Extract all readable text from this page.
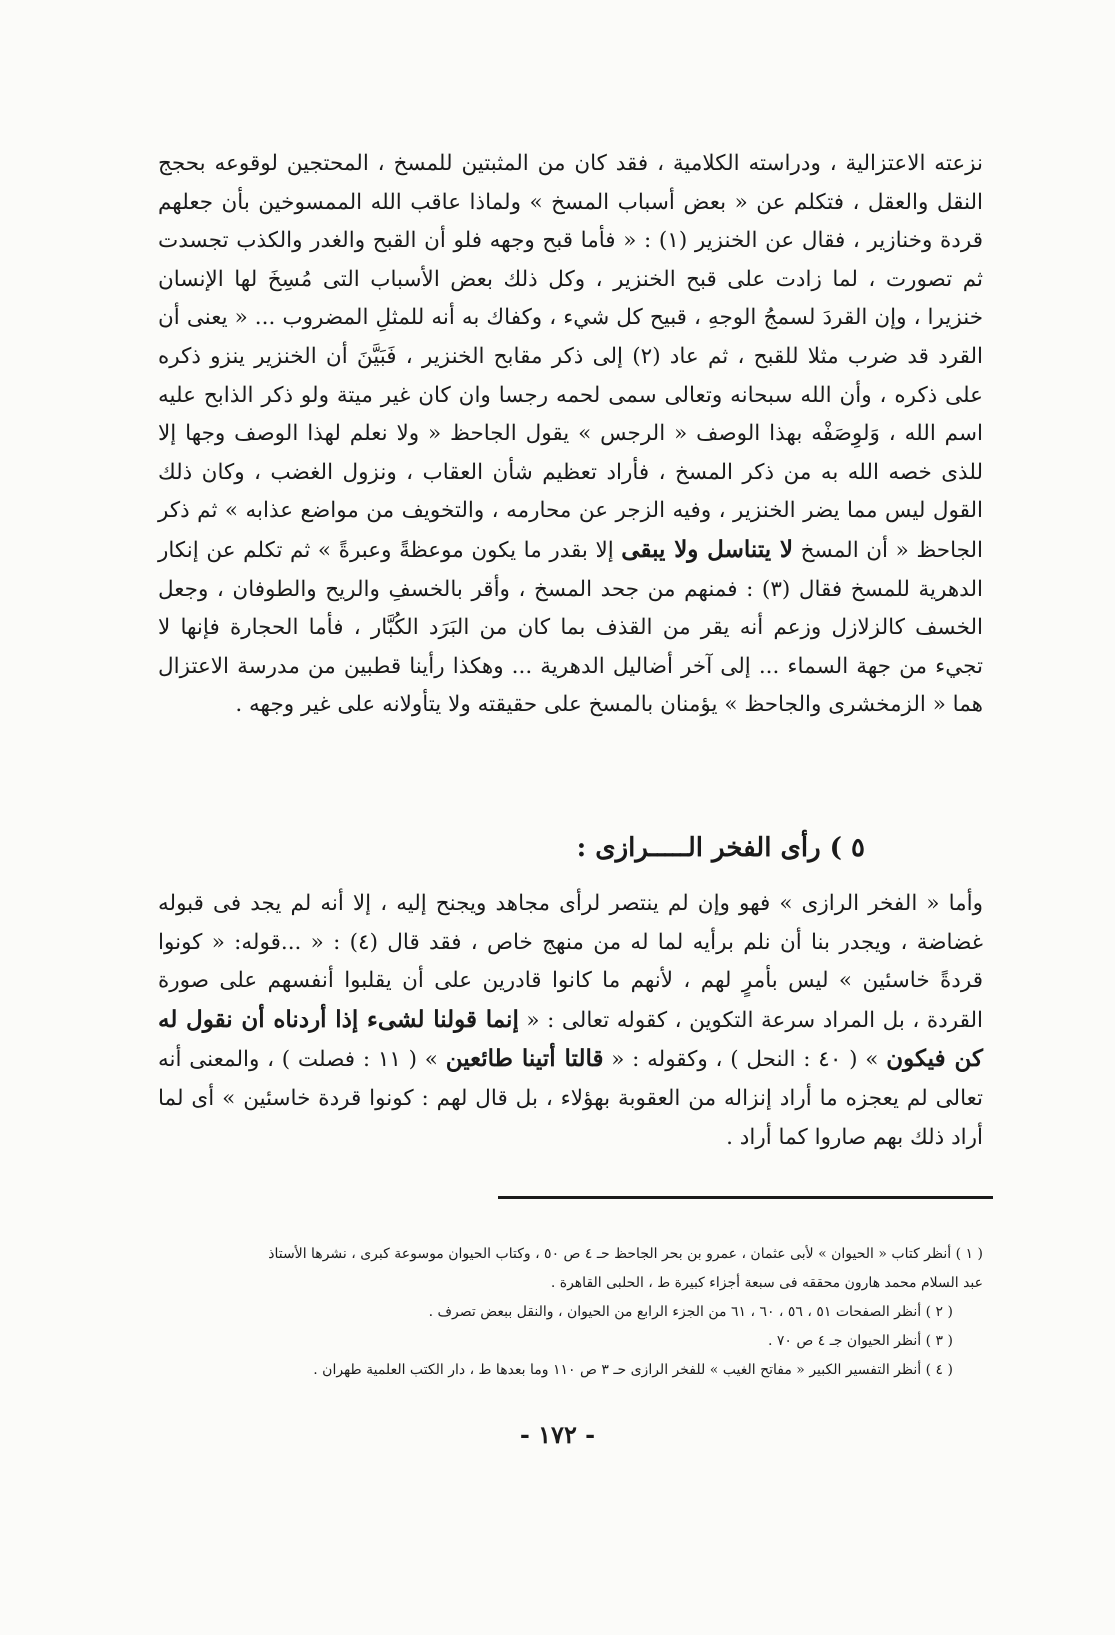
نزعته الاعتزالية ، ودراسته الكلامية ، فقد كان من المثبتين للمسخ ، المحتجين لوقوعه بحجج النقل والعقل ، فتكلم عن « بعض أسباب المسخ » ولماذا عاقب الله الممسوخين بأن جعلهم قردة وخنازير ، فقال عن الخنزير (١) : « فأما قبح وجهه فلو أن القبح والغدر والكذب تجسدت ثم تصورت ، لما زادت على قبح الخنزير ، وكل ذلك بعض الأسباب التى مُسِخَ لها الإنسان خنزيرا ، وإن القردَ لسمجُ الوجهِ ، قبيح كل شيء ، وكفاك به أنه للمثلِ المضروب ... « يعنى أن القرد قد ضرب مثلا للقبح ، ثم عاد (٢) إلى ذكر مقابح الخنزير ، فَبَيَّنَ أن الخنزير ينزو ذكره على ذكره ، وأن الله سبحانه وتعالى سمى لحمه رجسا وان كان غير ميتة ولو ذكر الذابح عليه اسم الله ، وَلوِصَفْه بهذا الوصف « الرجس » يقول الجاحظ « ولا نعلم لهذا الوصف وجها إلا للذى خصه الله به من ذكر المسخ ، فأراد تعظيم شأن العقاب ، ونزول الغضب ، وكان ذلك القول ليس مما يضر الخنزير ، وفيه الزجر عن محارمه ، والتخويف من مواضع عذابه » ثم ذكر الجاحظ « أن المسخ لا يتناسل ولا يبقى إلا بقدر ما يكون موعظةً وعبرةً » ثم تكلم عن إنكار الدهرية للمسخ فقال (٣) : فمنهم من جحد المسخ ، وأقر بالخسفِ والريح والطوفان ، وجعل الخسف كالزلازل وزعم أنه يقر من القذف بما كان من البَرَد الكُبَّار ، فأما الحجارة فإنها لا تجيء من جهة السماء ... إلى آخر أضاليل الدهرية ... وهكذا رأينا قطبين من مدرسة الاعتزال هما « الزمخشرى والجاحظ » يؤمنان بالمسخ على حقيقته ولا يتأولانه على غير وجهه .
٥ ) رأى الفخر الـــــرازى :
وأما « الفخر الرازى » فهو وإن لم ينتصر لرأى مجاهد ويجنح إليه ، إلا أنه لم يجد فى قبوله غضاضة ، ويجدر بنا أن نلم برأيه لما له من منهج خاص ، فقد قال (٤) : « ...قوله: « كونوا قردةً خاسئين » ليس بأمرٍ لهم ، لأنهم ما كانوا قادرين على أن يقلبوا أنفسهم على صورة القردة ، بل المراد سرعة التكوين ، كقوله تعالى : « إنما قولنا لشىء إذا أردناه أن نقول له كن فيكون » ( ٤٠ : النحل ) ، وكقوله : « قالتا أتينا طائعين » ( ١١ : فصلت ) ، والمعنى أنه تعالى لم يعجزه ما أراد إنزاله من العقوبة بهؤلاء ، بل قال لهم : كونوا قردة خاسئين » أى لما أراد ذلك بهم صاروا كما أراد .
( ١ ) أنظر كتاب « الحيوان » لأبى عثمان ، عمرو بن بحر الجاحظ حـ ٤ ص ٥٠ ، وكتاب الحيوان موسوعة كبرى ، نشرها الأستاذ
عبد السلام محمد هارون محققه فى سبعة أجزاء كبيرة ط ، الحلبى القاهرة .
( ٢ ) أنظر الصفحات ٥١ ، ٥٦ ، ٦٠ ، ٦١ من الجزء الرابع من الحيوان ، والنقل ببعض تصرف .
( ٣ ) أنظر الحيوان جـ ٤ ص ٧٠ .
( ٤ ) أنظر التفسير الكبير « مفاتح الغيب » للفخر الرازى حـ ٣ ص ١١٠ وما بعدها ط ، دار الكتب العلمية طهران .
- ١٧٢ -
